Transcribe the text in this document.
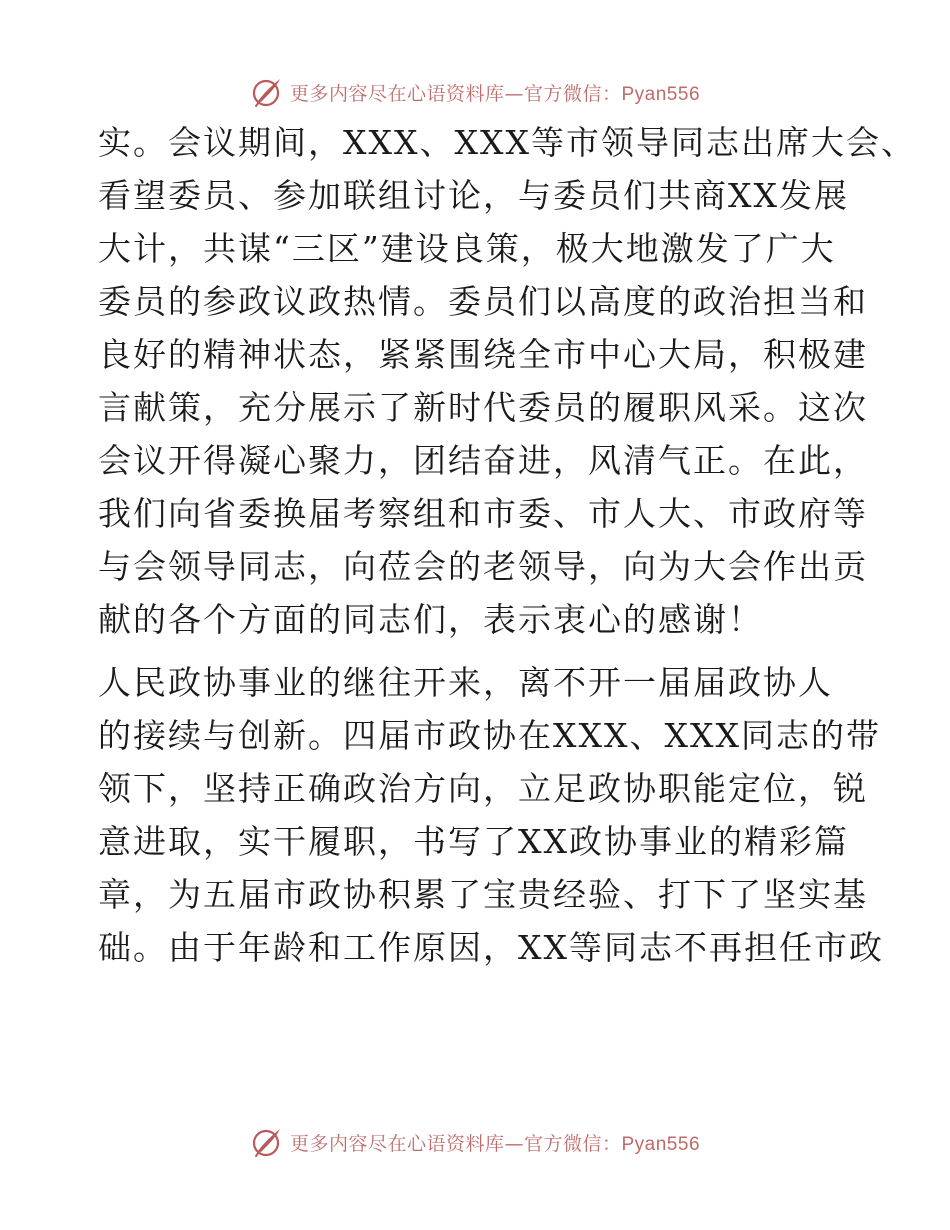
更多内容尽在心语资料库—官方微信：Pyan556
实。会议期间，XXX、XXX等市领导同志出席大会、
看望委员、参加联组讨论，与委员们共商XX发展
大计，共谋“三区”建设良策，极大地激发了广大
委员的参政议政热情。委员们以高度的政治担当和
良好的精神状态，紧紧围绕全市中心大局，积极建
言献策，充分展示了新时代委员的履职风采。这次
会议开得凝心聚力，团结奋进，风清气正。在此，
我们向省委换届考察组和市委、市人大、市政府等
与会领导同志，向莅会的老领导，向为大会作出贡
献的各个方面的同志们，表示衷心的感谢！
人民政协事业的继往开来，离不开一届届政协人
的接续与创新。四届市政协在XXX、XXX同志的带
领下，坚持正确政治方向，立足政协职能定位，锐
意进取，实干履职，书写了XX政协事业的精彩篇
章，为五届市政协积累了宝贵经验、打下了坚实基
础。由于年龄和工作原因，XX等同志不再担任市政
更多内容尽在心语资料库—官方微信：Pyan556
